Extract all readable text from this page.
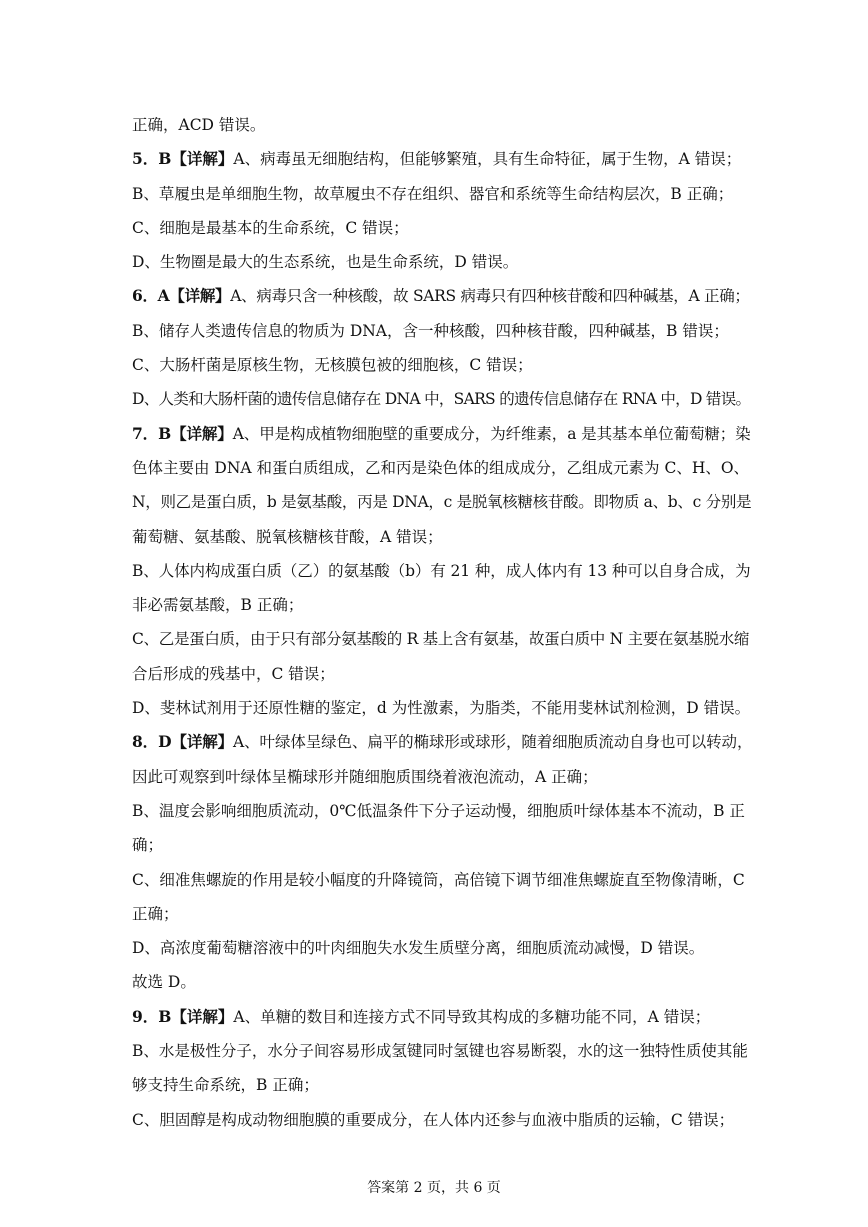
正确，ACD 错误。
5．B【详解】A、病毒虽无细胞结构，但能够繁殖，具有生命特征，属于生物，A 错误；
B、草履虫是单细胞生物，故草履虫不存在组织、器官和系统等生命结构层次，B 正确；
C、细胞是最基本的生命系统，C 错误；
D、生物圈是最大的生态系统，也是生命系统，D 错误。
6．A【详解】A、病毒只含一种核酸，故 SARS 病毒只有四种核苷酸和四种碱基，A 正确；
B、储存人类遗传信息的物质为 DNA，含一种核酸，四种核苷酸，四种碱基，B 错误；
C、大肠杆菌是原核生物，无核膜包被的细胞核，C 错误；
D、人类和大肠杆菌的遗传信息储存在 DNA 中，SARS 的遗传信息储存在 RNA 中，D 错误。
7．B【详解】A、甲是构成植物细胞壁的重要成分，为纤维素，a 是其基本单位葡萄糖；染
色体主要由 DNA 和蛋白质组成，乙和丙是染色体的组成成分，乙组成元素为 C、H、O、
N，则乙是蛋白质，b 是氨基酸，丙是 DNA，c 是脱氧核糖核苷酸。即物质 a、b、c 分别是
葡萄糖、氨基酸、脱氧核糖核苷酸，A 错误；
B、人体内构成蛋白质（乙）的氨基酸（b）有 21 种，成人体内有 13 种可以自身合成，为
非必需氨基酸，B 正确；
C、乙是蛋白质，由于只有部分氨基酸的 R 基上含有氨基，故蛋白质中 N 主要在氨基脱水缩
合后形成的残基中，C 错误；
D、斐林试剂用于还原性糖的鉴定，d 为性激素，为脂类，不能用斐林试剂检测，D 错误。
8．D【详解】A、叶绿体呈绿色、扁平的椭球形或球形，随着细胞质流动自身也可以转动，
因此可观察到叶绿体呈椭球形并随细胞质围绕着液泡流动，A 正确；
B、温度会影响细胞质流动，0℃低温条件下分子运动慢，细胞质叶绿体基本不流动，B 正
确；
C、细准焦螺旋的作用是较小幅度的升降镜筒，高倍镜下调节细准焦螺旋直至物像清晰，C
正确；
D、高浓度葡萄糖溶液中的叶肉细胞失水发生质壁分离，细胞质流动减慢，D 错误。
故选 D。
9．B【详解】A、单糖的数目和连接方式不同导致其构成的多糖功能不同，A 错误；
B、水是极性分子，水分子间容易形成氢键同时氢键也容易断裂，水的这一独特性质使其能
够支持生命系统，B 正确；
C、胆固醇是构成动物细胞膜的重要成分，在人体内还参与血液中脂质的运输，C 错误；
答案第 2 页，共 6 页
